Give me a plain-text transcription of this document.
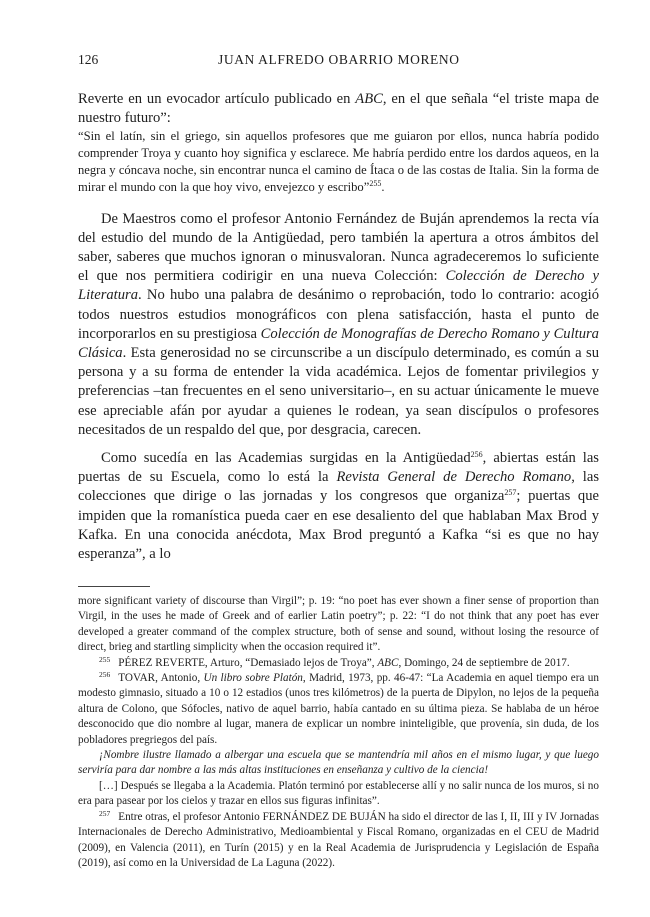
126	JUAN ALFREDO OBARRIO MORENO

Reverte en un evocador artículo publicado en ABC, en el que señala “el triste mapa de nuestro futuro”:

“Sin el latín, sin el griego, sin aquellos profesores que me guiaron por ellos, nunca habría podido comprender Troya y cuanto hoy significa y esclarece. Me habría perdido entre los dardos aqueos, en la negra y cóncava noche, sin encontrar nunca el camino de Ítaca o de las costas de Italia. Sin la forma de mirar el mundo con la que hoy vivo, envejezco y escribo”$^{255}$.

De Maestros como el profesor Antonio Fernández de Buján aprendemos la recta vía del estudio del mundo de la Antigüedad, pero también la apertura a otros ámbitos del saber, saberes que muchos ignoran o minusvaloran. Nunca agradeceremos lo suficiente el que nos permitiera codirigir en una nueva Colección: Colección de Derecho y Literatura. No hubo una palabra de desánimo o reprobación, todo lo contrario: acogió todos nuestros estudios monográficos con plena satisfacción, hasta el punto de incorporarlos en su prestigiosa Colección de Monografías de Derecho Romano y Cultura Clásica. Esta generosidad no se circunscribe a un discípulo determinado, es común a su persona y a su forma de entender la vida académica. Lejos de fomentar privilegios y preferencias –tan frecuentes en el seno universitario–, en su actuar únicamente le mueve ese apreciable afán por ayudar a quienes le rodean, ya sean discípulos o profesores necesitados de un respaldo del que, por desgracia, carecen.

Como sucedía en las Academias surgidas en la Antigüedad$^{256}$, abiertas están las puertas de su Escuela, como lo está la Revista General de Derecho Romano, las colecciones que dirige o las jornadas y los congresos que organiza$^{257}$; puertas que impiden que la romanística pueda caer en ese desaliento del que hablaban Max Brod y Kafka. En una conocida anécdota, Max Brod preguntó a Kafka “si es que no hay esperanza”, a lo

more significant variety of discourse than Virgil”; p. 19: “no poet has ever shown a finer sense of proportion than Virgil, in the uses he made of Greek and of earlier Latin poetry”; p. 22: “I do not think that any poet has ever developed a greater command of the complex structure, both of sense and sound, without losing the resource of direct, brieg and startling simplicity when the occasion required it”.

$^{255}$ PÉREZ REVERTE, Arturo, “Demasiado lejos de Troya”, ABC, Domingo, 24 de septiembre de 2017.

$^{256}$ TOVAR, Antonio, Un libro sobre Platón, Madrid, 1973, pp. 46-47: “La Academia en aquel tiempo era un modesto gimnasio, situado a 10 o 12 estadios (unos tres kilómetros) de la puerta de Dipylon, no lejos de la pequeña altura de Colono, que Sófocles, nativo de aquel barrio, había cantado en su última pieza. Se hablaba de un héroe desconocido que dio nombre al lugar, manera de explicar un nombre ininteligible, que provenía, sin duda, de los pobladores pregriegos del país.

¡Nombre ilustre llamado a albergar una escuela que se mantendría mil años en el mismo lugar, y que luego serviría para dar nombre a las más altas instituciones en enseñanza y cultivo de la ciencia!

[…] Después se llegaba a la Academia. Platón terminó por establecerse allí y no salir nunca de los muros, si no era para pasear por los cielos y trazar en ellos sus figuras infinitas”.

$^{257}$ Entre otras, el profesor Antonio FERNÁNDEZ DE BUJÁN ha sido el director de las I, II, III y IV Jornadas Internacionales de Derecho Administrativo, Medioambiental y Fiscal Romano, organizadas en el CEU de Madrid (2009), en Valencia (2011), en Turín (2015) y en la Real Academia de Jurisprudencia y Legislación de España (2019), así como en la Universidad de La Laguna (2022).
